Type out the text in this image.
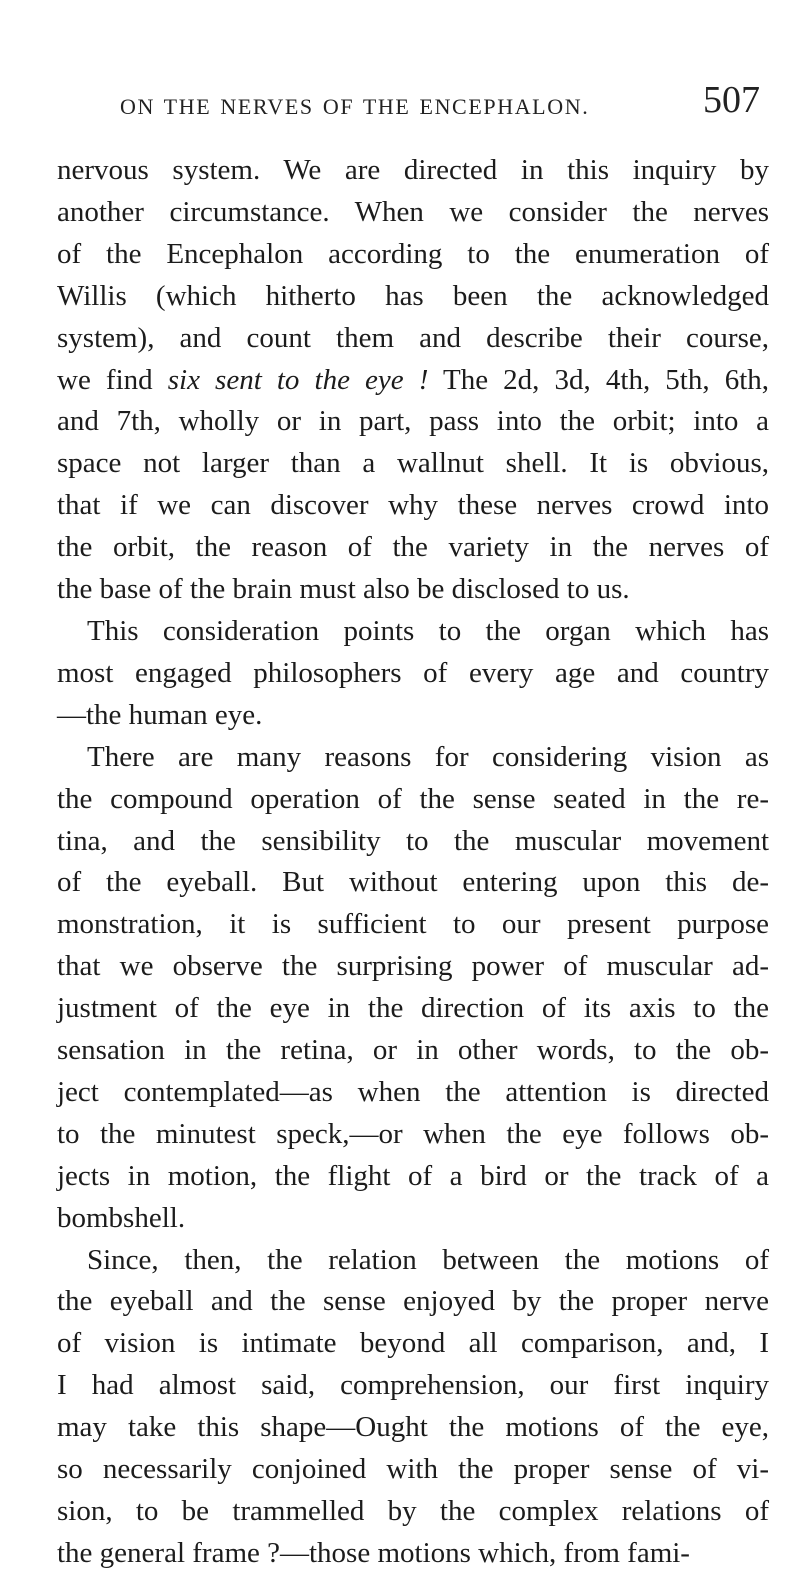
ON THE NERVES OF THE ENCEPHALON.	507
nervous system. We are directed in this inquiry by
another circumstance. When we consider the nerves
of the Encephalon according to the enumeration of
Willis (which hitherto has been the acknowledged
system), and count them and describe their course,
we find six sent to the eye ! The 2d, 3d, 4th, 5th, 6th,
and 7th, wholly or in part, pass into the orbit; into a
space not larger than a wallnut shell. It is obvious,
that if we can discover why these nerves crowd into
the orbit, the reason of the variety in the nerves of
the base of the brain must also be disclosed to us.
This consideration points to the organ which has
most engaged philosophers of every age and country
—the human eye.
There are many reasons for considering vision as
the compound operation of the sense seated in the re-
tina, and the sensibility to the muscular movement
of the eyeball. But without entering upon this de-
monstration, it is sufficient to our present purpose
that we observe the surprising power of muscular ad-
justment of the eye in the direction of its axis to the
sensation in the retina, or in other words, to the ob-
ject contemplated—as when the attention is directed
to the minutest speck,—or when the eye follows ob-
jects in motion, the flight of a bird or the track of a
bombshell.
Since, then, the relation between the motions of
the eyeball and the sense enjoyed by the proper nerve
of vision is intimate beyond all comparison, and, I
I had almost said, comprehension, our first inquiry
may take this shape—Ought the motions of the eye,
so necessarily conjoined with the proper sense of vi-
sion, to be trammelled by the complex relations of
the general frame ?—those motions which, from fami-
